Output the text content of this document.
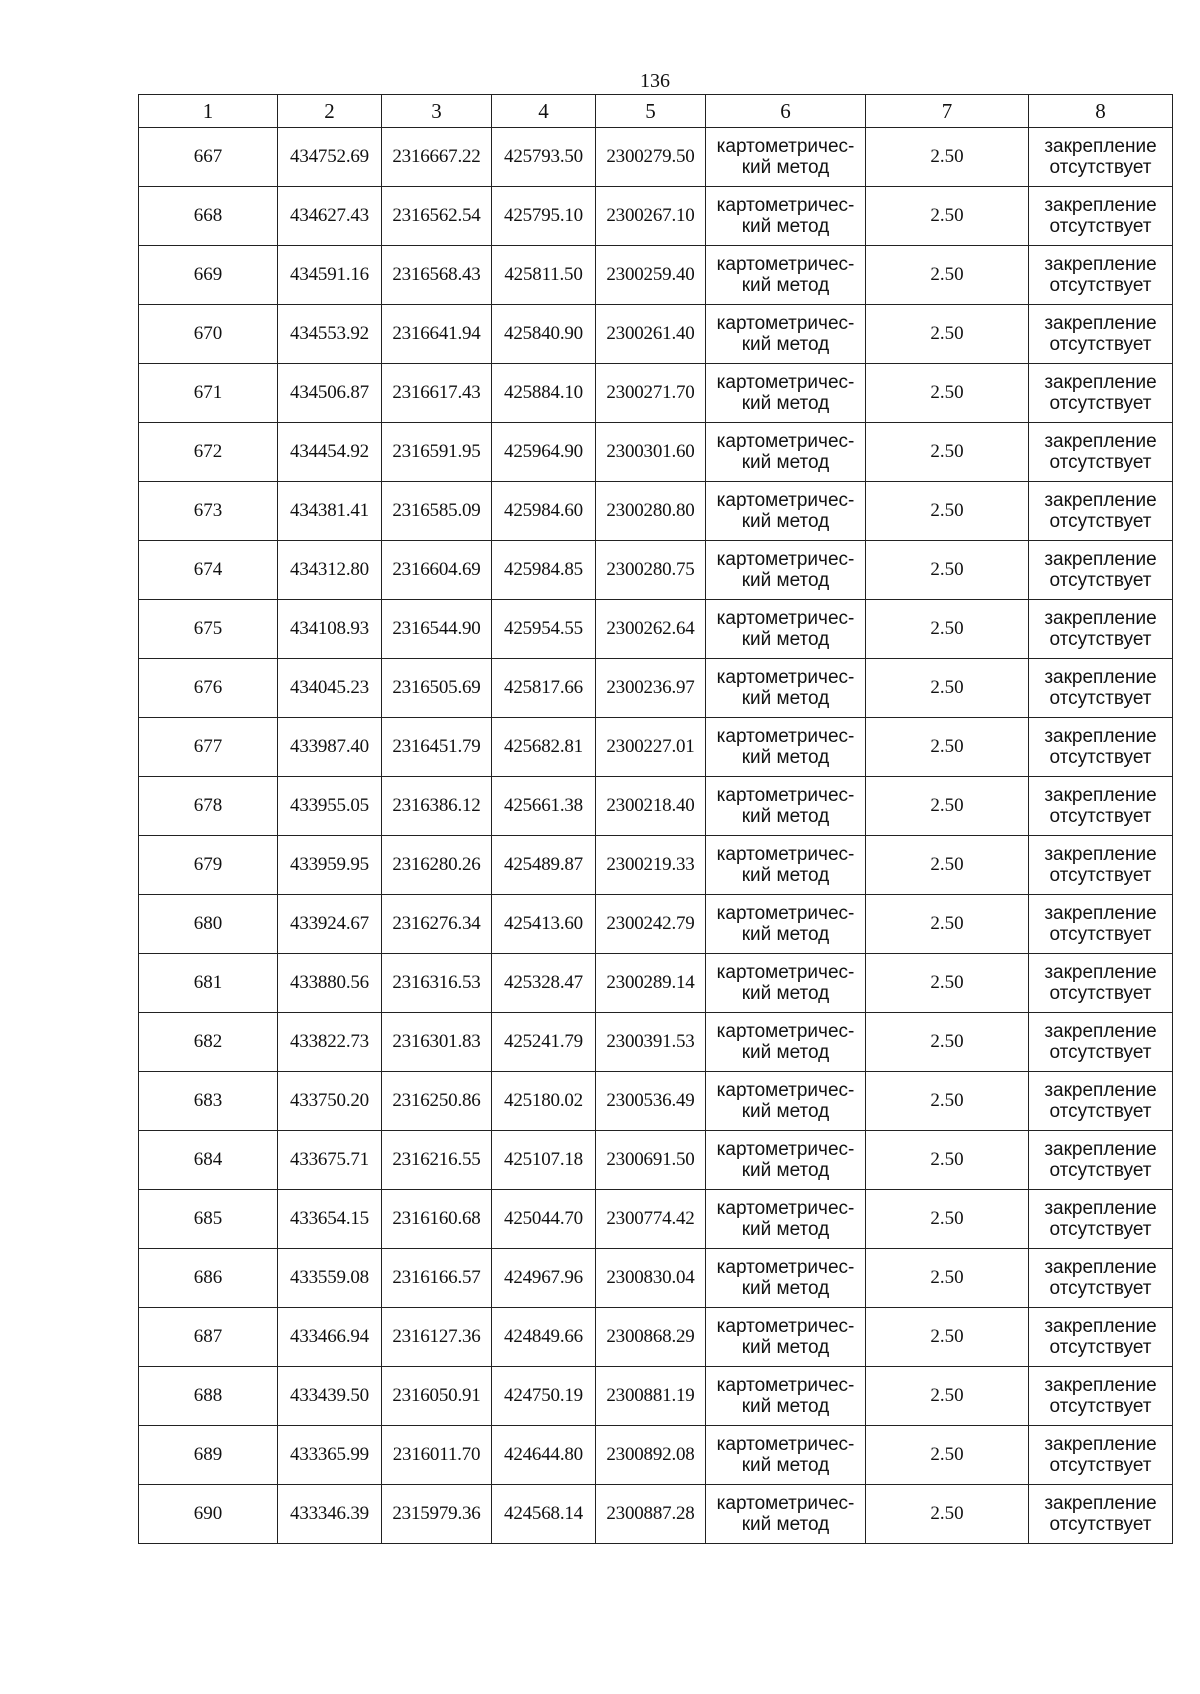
136
1	2	3	4	5	6	7	8
667	434752.69	2316667.22	425793.50	2300279.50	картометричес-
кий метод	2.50	закрепление
отсутствует

668	434627.43	2316562.54	425795.10	2300267.10	картометричес-
кий метод	2.50	закрепление
отсутствует

669	434591.16	2316568.43	425811.50	2300259.40	картометричес-
кий метод	2.50	закрепление
отсутствует

670	434553.92	2316641.94	425840.90	2300261.40	картометричес-
кий метод	2.50	закрепление
отсутствует

671	434506.87	2316617.43	425884.10	2300271.70	картометричес-
кий метод	2.50	закрепление
отсутствует

672	434454.92	2316591.95	425964.90	2300301.60	картометричес-
кий метод	2.50	закрепление
отсутствует

673	434381.41	2316585.09	425984.60	2300280.80	картометричес-
кий метод	2.50	закрепление
отсутствует

674	434312.80	2316604.69	425984.85	2300280.75	картометричес-
кий метод	2.50	закрепление
отсутствует

675	434108.93	2316544.90	425954.55	2300262.64	картометричес-
кий метод	2.50	закрепление
отсутствует

676	434045.23	2316505.69	425817.66	2300236.97	картометричес-
кий метод	2.50	закрепление
отсутствует

677	433987.40	2316451.79	425682.81	2300227.01	картометричес-
кий метод	2.50	закрепление
отсутствует

678	433955.05	2316386.12	425661.38	2300218.40	картометричес-
кий метод	2.50	закрепление
отсутствует

679	433959.95	2316280.26	425489.87	2300219.33	картометричес-
кий метод	2.50	закрепление
отсутствует

680	433924.67	2316276.34	425413.60	2300242.79	картометричес-
кий метод	2.50	закрепление
отсутствует

681	433880.56	2316316.53	425328.47	2300289.14	картометричес-
кий метод	2.50	закрепление
отсутствует

682	433822.73	2316301.83	425241.79	2300391.53	картометричес-
кий метод	2.50	закрепление
отсутствует

683	433750.20	2316250.86	425180.02	2300536.49	картометричес-
кий метод	2.50	закрепление
отсутствует

684	433675.71	2316216.55	425107.18	2300691.50	картометричес-
кий метод	2.50	закрепление
отсутствует

685	433654.15	2316160.68	425044.70	2300774.42	картометричес-
кий метод	2.50	закрепление
отсутствует

686	433559.08	2316166.57	424967.96	2300830.04	картометричес-
кий метод	2.50	закрепление
отсутствует

687	433466.94	2316127.36	424849.66	2300868.29	картометричес-
кий метод	2.50	закрепление
отсутствует

688	433439.50	2316050.91	424750.19	2300881.19	картометричес-
кий метод	2.50	закрепление
отсутствует

689	433365.99	2316011.70	424644.80	2300892.08	картометричес-
кий метод	2.50	закрепление
отсутствует

690	433346.39	2315979.36	424568.14	2300887.28	картометричес-
кий метод	2.50	закрепление
отсутствует
